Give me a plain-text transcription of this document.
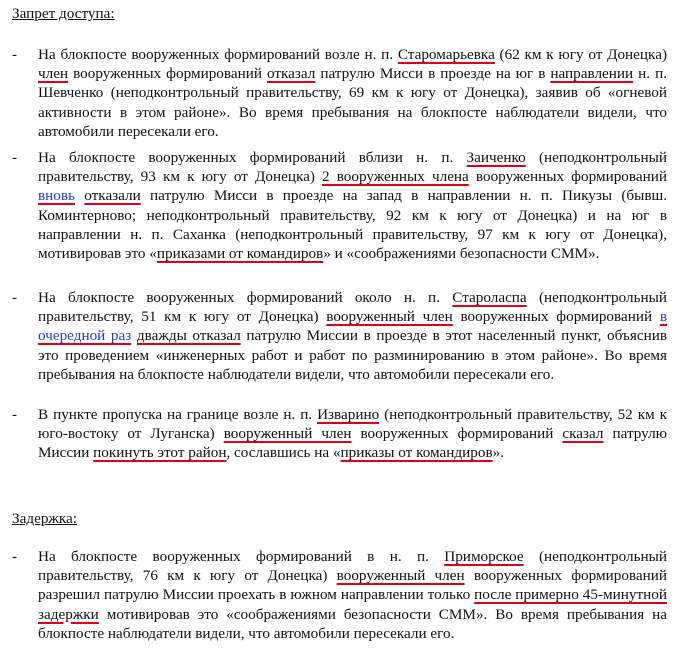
Запрет доступа:
-	На блокпосте вооруженных формирований возле н. п. Старомарьевка (62 км к югу от Донецка) член вооруженных формирований отказал патрулю Мисси в проезде на юг в направлении н. п. Шевченко (неподконтрольный правительству, 69 км к югу от Донецка), заявив об «огневой активности в этом районе». Во время пребывания на блокпосте наблюдатели видели, что автомобили пересекали его.
-	На блокпосте вооруженных формирований вблизи н. п. Заиченко (неподконтрольный правительству, 93 км к югу от Донецка) 2 вооруженных члена вооруженных формирований вновь отказали патрулю Мисси в проезде на запад в направлении н. п. Пикузы (бывш. Коминтерново; неподконтрольный правительству, 92 км к югу от Донецка) и на юг в направлении н. п. Саханка (неподконтрольный правительству, 97 км к югу от Донецка), мотивировав это «приказами от командиров» и «соображениями безопасности СММ».
-	На блокпосте вооруженных формирований около н. п. Староласпа (неподконтрольный правительству, 51 км к югу от Донецка) вооруженный член вооруженных формирований в очередной раз дважды отказал патрулю Миссии в проезде в этот населенный пункт, объяснив это проведением «инженерных работ и работ по разминированию в этом районе». Во время пребывания на блокпосте наблюдатели видели, что автомобили пересекали его.
-	В пункте пропуска на границе возле н. п. Изварино (неподконтрольный правительству, 52 км к юго-востоку от Луганска) вооруженный член вооруженных формирований сказал патрулю Миссии покинуть этот район, сославшись на «приказы от командиров».
Задержка:
-	На блокпосте вооруженных формирований в н. п. Приморское (неподконтрольный правительству, 76 км к югу от Донецка) вооруженный член вооруженных формирований разрешил патрулю Миссии проехать в южном направлении только после примерно 45-минутной задержки мотивировав это «соображениями безопасности СММ». Во время пребывания на блокпосте наблюдатели видели, что автомобили пересекали его.
